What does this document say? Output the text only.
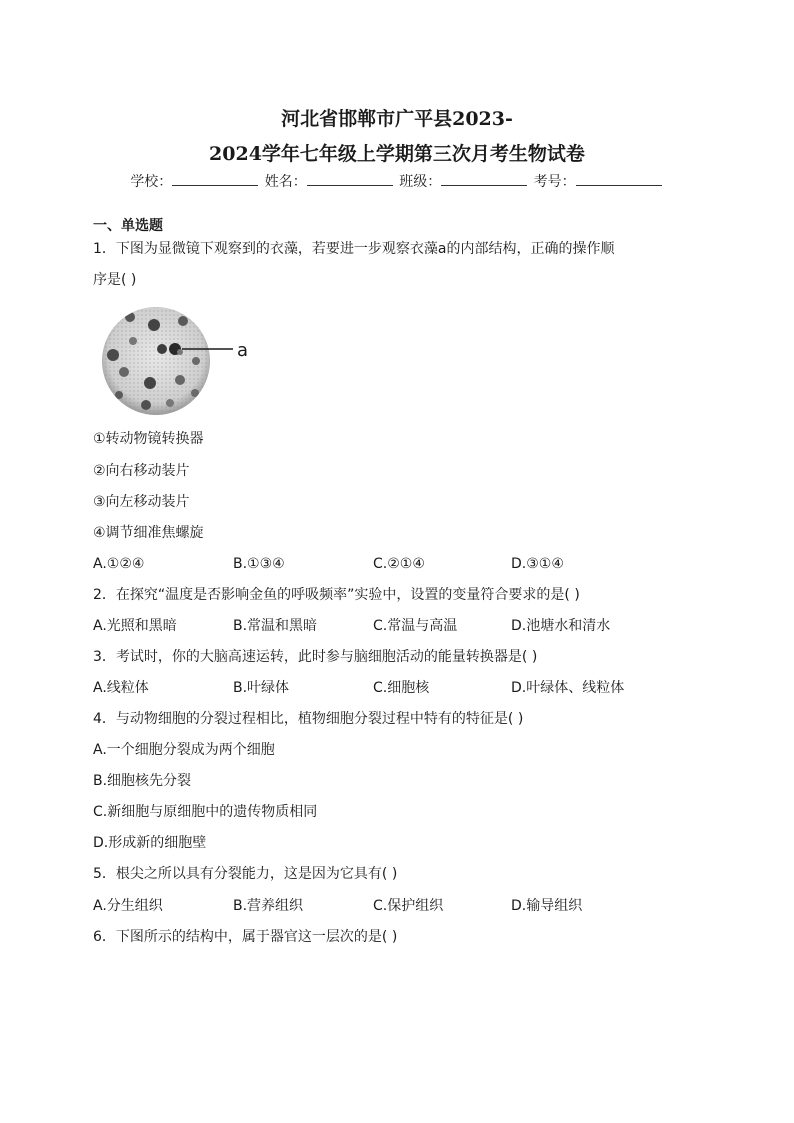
河北省邯郸市广平县2023-
2024学年七年级上学期第三次月考生物试卷
学校：	姓名：	班级：	考号：
一、单选题
1．下图为显微镜下观察到的衣藻，若要进一步观察衣藻a的内部结构，正确的操作顺
序是( )
a
①转动物镜转换器
②向右移动装片
③向左移动装片
④调节细准焦螺旋
A.①②④	B.①③④	C.②①④	D.③①④
2．在探究“温度是否影响金鱼的呼吸频率”实验中，设置的变量符合要求的是( )
A.光照和黑暗	B.常温和黑暗	C.常温与高温	D.池塘水和清水
3．考试时，你的大脑高速运转，此时参与脑细胞活动的能量转换器是( )
A.线粒体	B.叶绿体	C.细胞核	D.叶绿体、线粒体
4．与动物细胞的分裂过程相比，植物细胞分裂过程中特有的特征是( )
A.一个细胞分裂成为两个细胞
B.细胞核先分裂
C.新细胞与原细胞中的遗传物质相同
D.形成新的细胞壁
5．根尖之所以具有分裂能力，这是因为它具有( )
A.分生组织	B.营养组织	C.保护组织	D.输导组织
6．下图所示的结构中，属于器官这一层次的是( )
